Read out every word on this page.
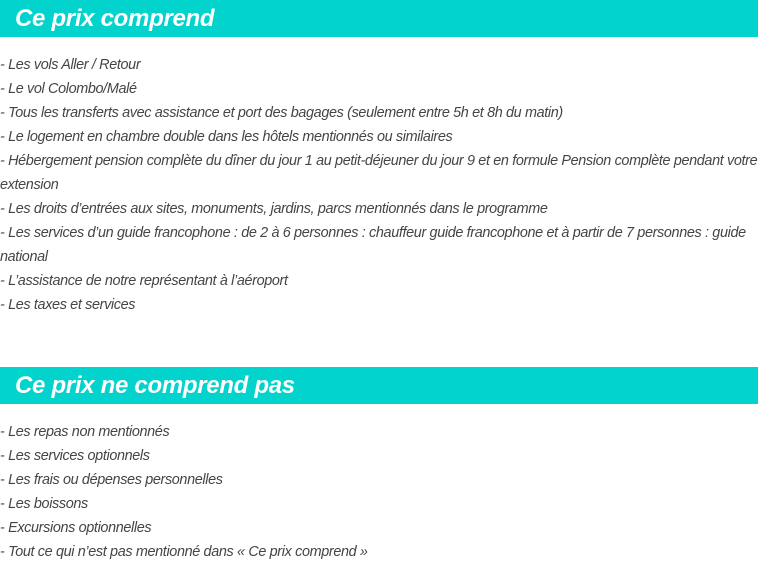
Ce prix comprend
- Les vols Aller / Retour
- Le vol Colombo/Malé
- Tous les transferts avec assistance et port des bagages (seulement entre 5h et 8h du matin)
- Le logement en chambre double dans les hôtels mentionnés ou similaires
- Hébergement pension complète du dîner du jour 1 au petit-déjeuner du jour 9 et en formule Pension complète pendant votre extension
- Les droits d’entrées aux sites, monuments, jardins, parcs mentionnés dans le programme
- Les services d’un guide francophone : de 2 à 6 personnes : chauffeur guide francophone et à partir de 7 personnes : guide national
- L’assistance de notre représentant à l’aéroport
- Les taxes et services
Ce prix ne comprend pas
- Les repas non mentionnés
- Les services optionnels
- Les frais ou dépenses personnelles
- Les boissons
- Excursions optionnelles
- Tout ce qui n’est pas mentionné dans « Ce prix comprend »
